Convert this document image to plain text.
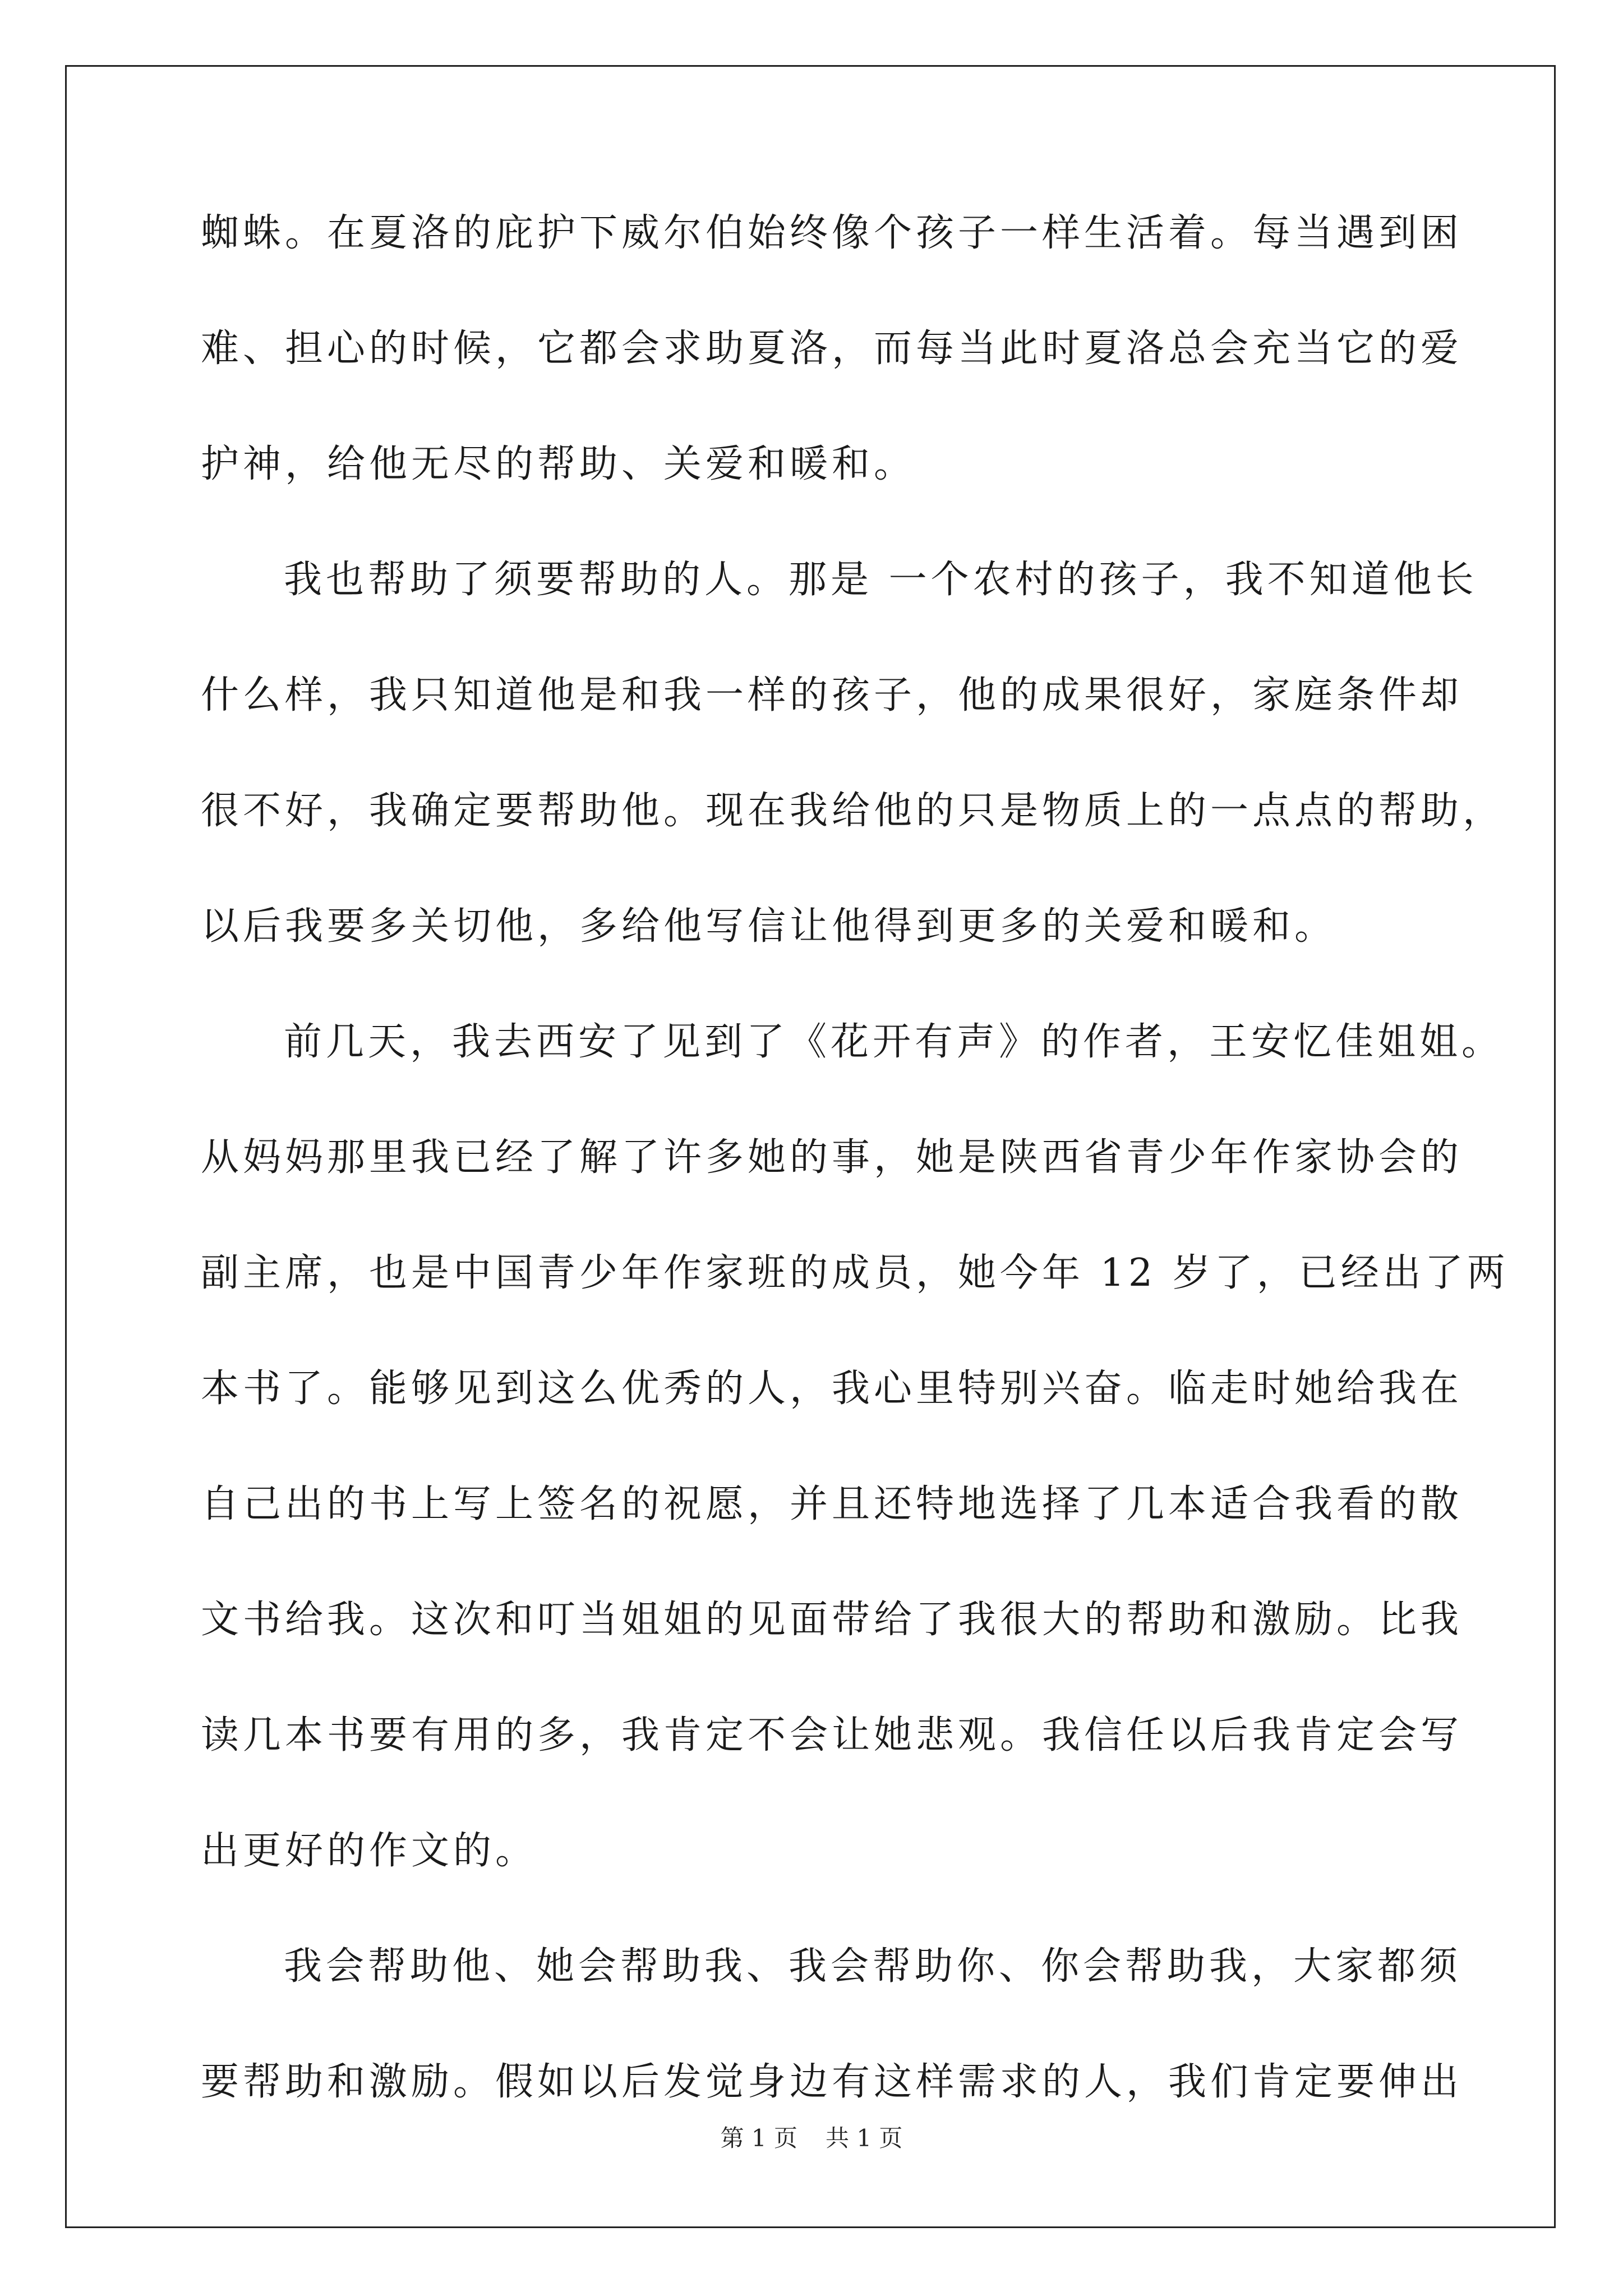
蜘蛛。在夏洛的庇护下威尔伯始终像个孩子一样生活着。每当遇到困
难、担心的时候，它都会求助夏洛，而每当此时夏洛总会充当它的爱
护神，给他无尽的帮助、关爱和暖和。
我也帮助了须要帮助的人。那是 一个农村的孩子，我不知道他长
什么样，我只知道他是和我一样的孩子，他的成果很好，家庭条件却
很不好，我确定要帮助他。现在我给他的只是物质上的一点点的帮助，
以后我要多关切他，多给他写信让他得到更多的关爱和暖和。
前几天，我去西安了见到了《花开有声》的作者，王安忆佳姐姐。
从妈妈那里我已经了解了许多她的事，她是陕西省青少年作家协会的
副主席，也是中国青少年作家班的成员，她今年 12 岁了，已经出了两
本书了。能够见到这么优秀的人，我心里特别兴奋。临走时她给我在
自己出的书上写上签名的祝愿，并且还特地选择了几本适合我看的散
文书给我。这次和叮当姐姐的见面带给了我很大的帮助和激励。比我
读几本书要有用的多，我肯定不会让她悲观。我信任以后我肯定会写
出更好的作文的。
我会帮助他、她会帮助我、我会帮助你、你会帮助我，大家都须
要帮助和激励。假如以后发觉身边有这样需求的人，我们肯定要伸出
第 1 页 共 1 页
